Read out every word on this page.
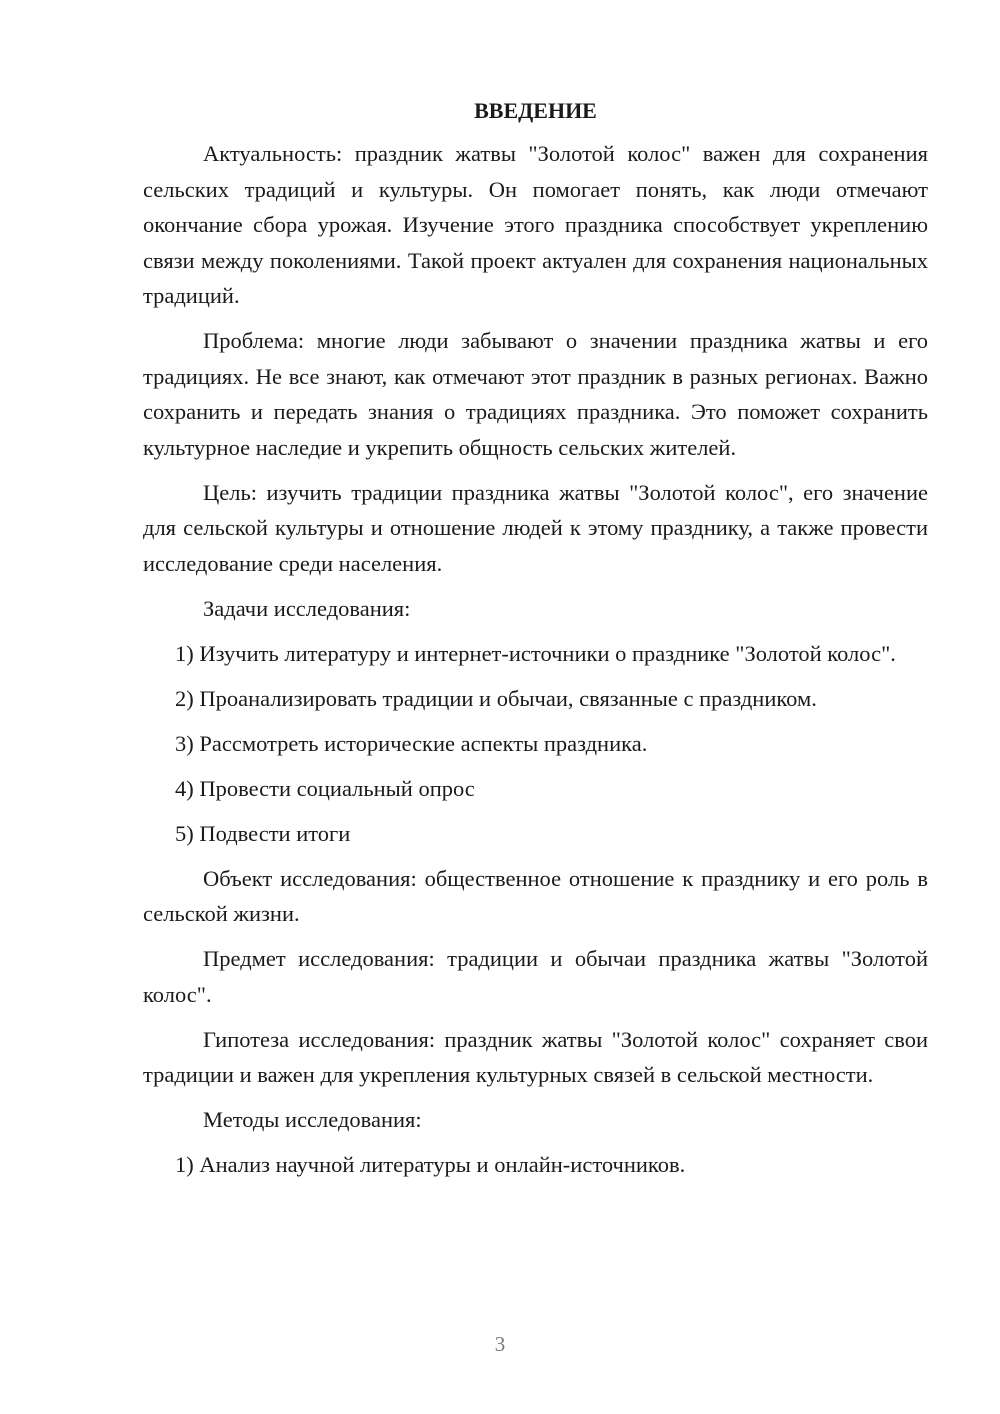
ВВЕДЕНИЕ

Актуальность: праздник жатвы "Золотой колос" важен для сохранения сельских традиций и культуры. Он помогает понять, как люди отмечают окончание сбора урожая. Изучение этого праздника способствует укреплению связи между поколениями. Такой проект актуален для сохранения национальных традиций.

Проблема: многие люди забывают о значении праздника жатвы и его традициях. Не все знают, как отмечают этот праздник в разных регионах. Важно сохранить и передать знания о традициях праздника. Это поможет сохранить культурное наследие и укрепить общность сельских жителей.

Цель: изучить традиции праздника жатвы "Золотой колос", его значение для сельской культуры и отношение людей к этому празднику, а также провести исследование среди населения.

Задачи исследования:

1) Изучить литературу и интернет-источники о празднике "Золотой колос".

2) Проанализировать традиции и обычаи, связанные с праздником.

3) Рассмотреть исторические аспекты праздника.

4) Провести социальный опрос

5) Подвести итоги

Объект исследования: общественное отношение к празднику и его роль в сельской жизни.

Предмет исследования: традиции и обычаи праздника жатвы "Золотой колос".

Гипотеза исследования: праздник жатвы "Золотой колос" сохраняет свои традиции и важен для укрепления культурных связей в сельской местности.

Методы исследования:

1) Анализ научной литературы и онлайн-источников.

3
